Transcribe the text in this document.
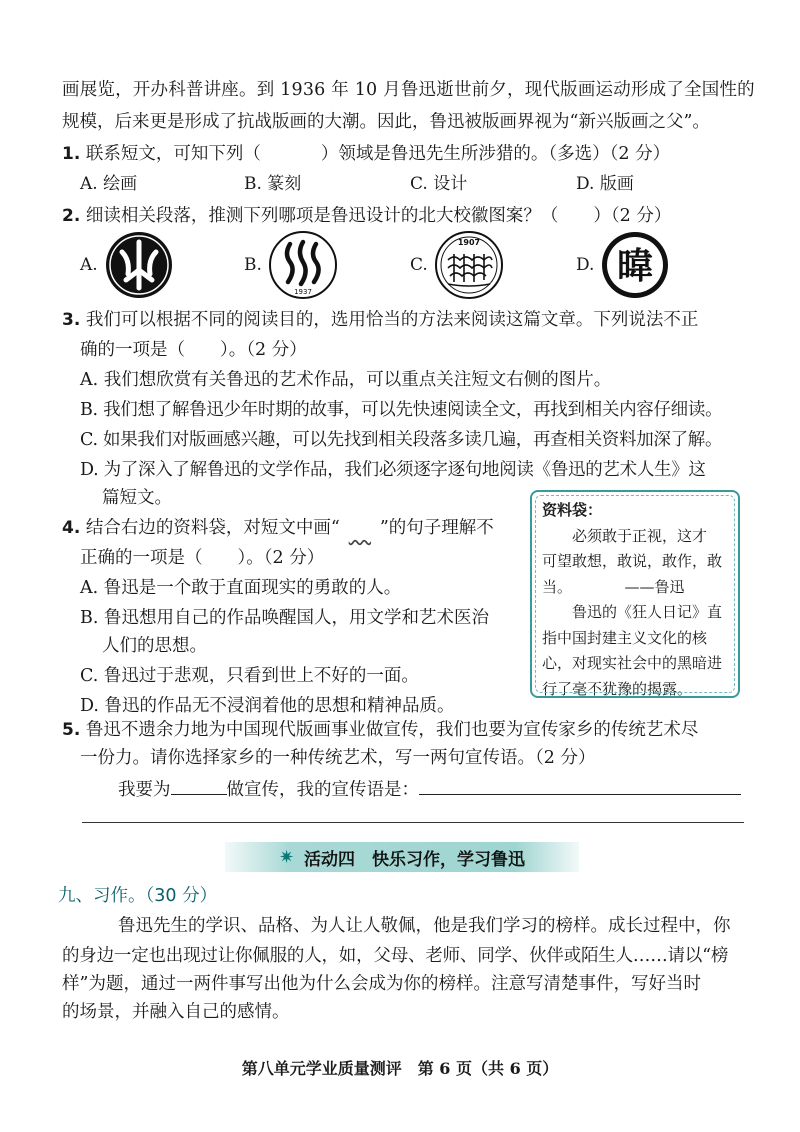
画展览，开办科普讲座。到 1936 年 10 月鲁迅逝世前夕，现代版画运动形成了全国性的
规模，后来更是形成了抗战版画的大潮。因此，鲁迅被版画界视为“新兴版画之父”。
1. 联系短文，可知下列（	）领域是鲁迅先生所涉猎的。（多选）（2 分）
A. 绘画	B. 篆刻	C. 设计	D. 版画
2. 细读相关段落，推测下列哪项是鲁迅设计的北大校徽图案？（　　）（2 分）
A.	B.
1937
C.
1907
D. 暐
3. 我们可以根据不同的阅读目的，选用恰当的方法来阅读这篇文章。下列说法不正
确的一项是（　　）。（2 分）
A. 我们想欣赏有关鲁迅的艺术作品，可以重点关注短文右侧的图片。
B. 我们想了解鲁迅少年时期的故事，可以先快速阅读全文，再找到相关内容仔细读。
C. 如果我们对版画感兴趣，可以先找到相关段落多读几遍，再查相关资料加深了解。
D. 为了深入了解鲁迅的文学作品，我们必须逐字逐句地阅读《鲁迅的艺术人生》这
篇短文。
4. 结合右边的资料袋，对短文中画“ ”的句子理解不
正确的一项是（　　）。（2 分）
A. 鲁迅是一个敢于直面现实的勇敢的人。
B. 鲁迅想用自己的作品唤醒国人，用文学和艺术医治
人们的思想。
C. 鲁迅过于悲观，只看到世上不好的一面。
D. 鲁迅的作品无不浸润着他的思想和精神品质。
资料袋：
必须敢于正视，这才
可望敢想，敢说，敢作，敢
当。　　　　——鲁迅
鲁迅的《狂人日记》直
指中国封建主义文化的核
心，对现实社会中的黑暗进
行了毫不犹豫的揭露。
5. 鲁迅不遗余力地为中国现代版画事业做宣传，我们也要为宣传家乡的传统艺术尽
一份力。请你选择家乡的一种传统艺术，写一两句宣传语。（2 分）
我要为	做宣传，我的宣传语是：
✷ 活动四　快乐习作，学习鲁迅
九、习作。（30 分）
鲁迅先生的学识、品格、为人让人敬佩，他是我们学习的榜样。成长过程中，你
的身边一定也出现过让你佩服的人，如，父母、老师、同学、伙伴或陌生人……请以“榜
样”为题，通过一两件事写出他为什么会成为你的榜样。注意写清楚事件，写好当时
的场景，并融入自己的感情。
第八单元学业质量测评　第 6 页（共 6 页）
